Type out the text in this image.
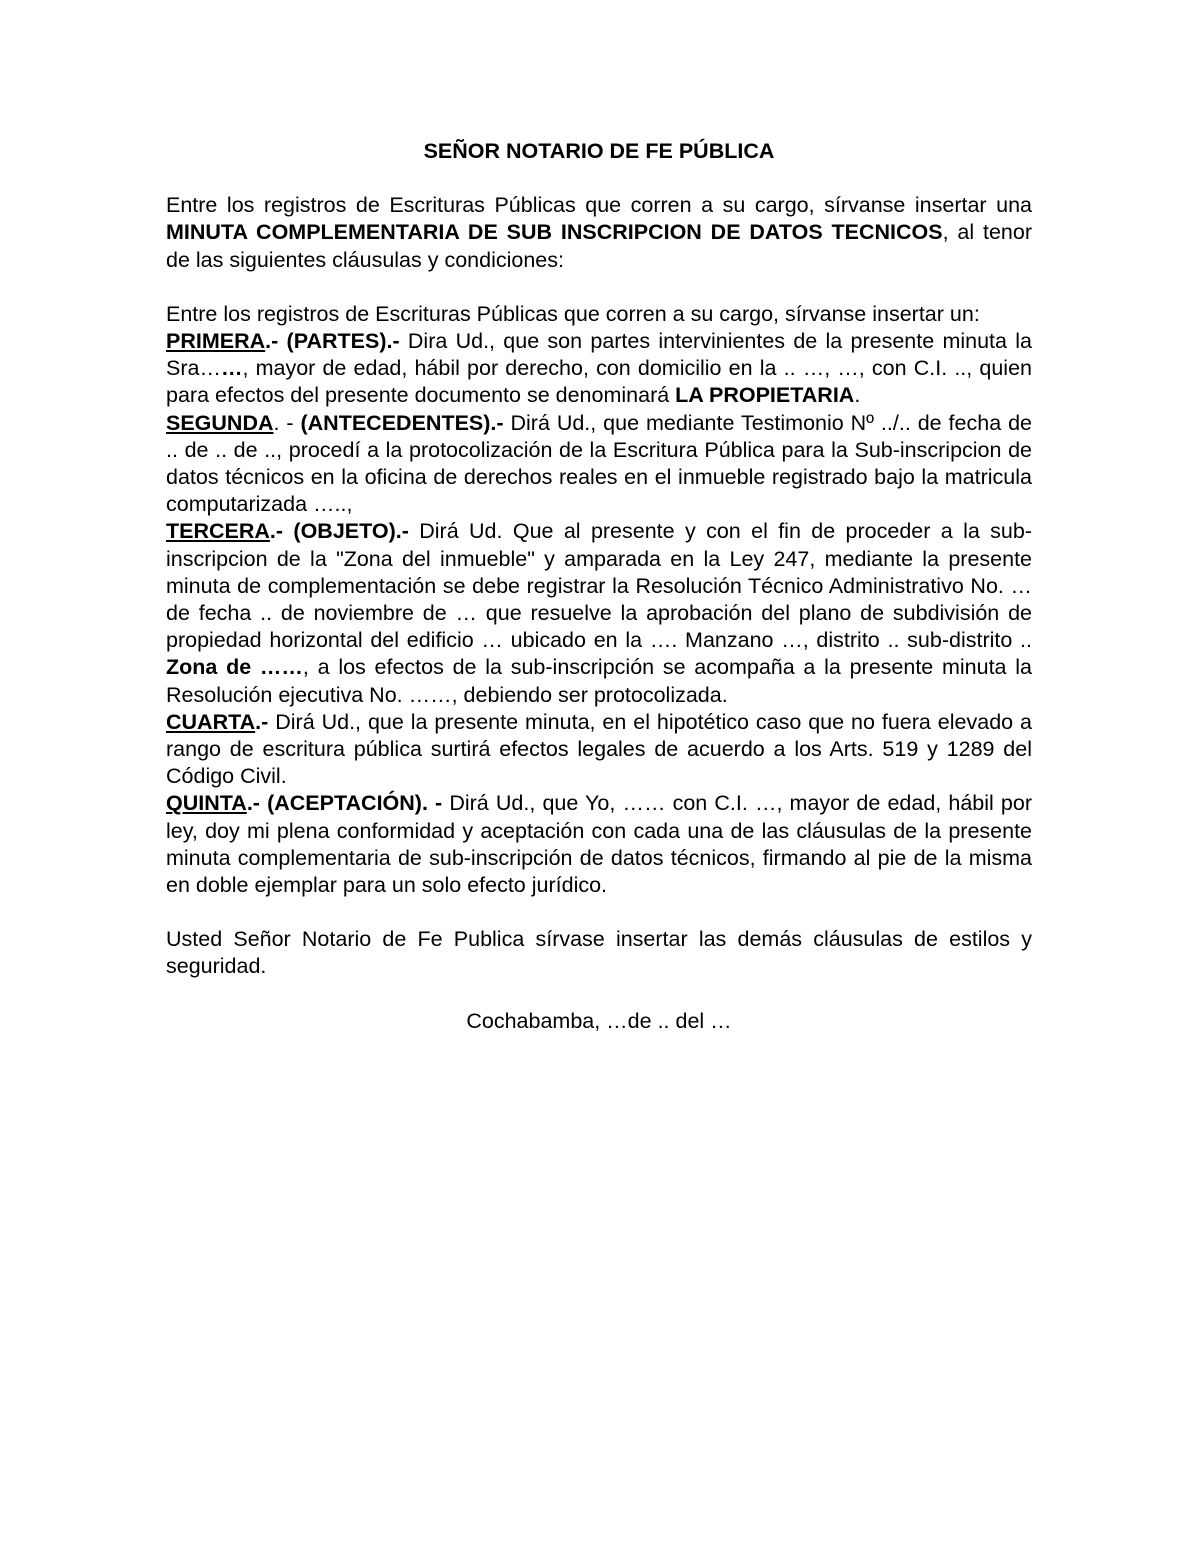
SEÑOR NOTARIO DE FE PÚBLICA

Entre los registros de Escrituras Públicas que corren a su cargo, sírvanse insertar una MINUTA COMPLEMENTARIA DE SUB INSCRIPCION DE DATOS TECNICOS, al tenor de las siguientes cláusulas y condiciones:

Entre los registros de Escrituras Públicas que corren a su cargo, sírvanse insertar un:

PRIMERA.- (PARTES).- Dira Ud., que son partes intervinientes de la presente minuta la Sra……, mayor de edad, hábil por derecho, con domicilio en la .. …, …, con C.I. .., quien para efectos del presente documento se denominará LA PROPIETARIA.

SEGUNDA. - (ANTECEDENTES).- Dirá Ud., que mediante Testimonio Nº ../.. de fecha de .. de .. de .., procedí a la protocolización de la Escritura Pública para la Sub-inscripcion de datos técnicos en la oficina de derechos reales en el inmueble registrado bajo la matricula computarizada …..,

TERCERA.- (OBJETO).- Dirá Ud. Que al presente y con el fin de proceder a la sub-inscripcion de la "Zona del inmueble" y amparada en la Ley 247, mediante la presente minuta de complementación se debe registrar la Resolución Técnico Administrativo No. … de fecha .. de noviembre de … que resuelve la aprobación del plano de subdivisión de propiedad horizontal del edificio … ubicado en la …. Manzano …, distrito .. sub-distrito .. Zona de ……, a los efectos de la sub-inscripción se acompaña a la presente minuta la Resolución ejecutiva No. ……, debiendo ser protocolizada.

CUARTA.- Dirá Ud., que la presente minuta, en el hipotético caso que no fuera elevado a rango de escritura pública surtirá efectos legales de acuerdo a los Arts. 519 y 1289 del Código Civil.

QUINTA.- (ACEPTACIÓN). - Dirá Ud., que Yo, …… con C.I. …, mayor de edad, hábil por ley, doy mi plena conformidad y aceptación con cada una de las cláusulas de la presente minuta complementaria de sub-inscripción de datos técnicos, firmando al pie de la misma en doble ejemplar para un solo efecto jurídico.

Usted Señor Notario de Fe Publica sírvase insertar las demás cláusulas de estilos y seguridad.

Cochabamba, …de .. del …
